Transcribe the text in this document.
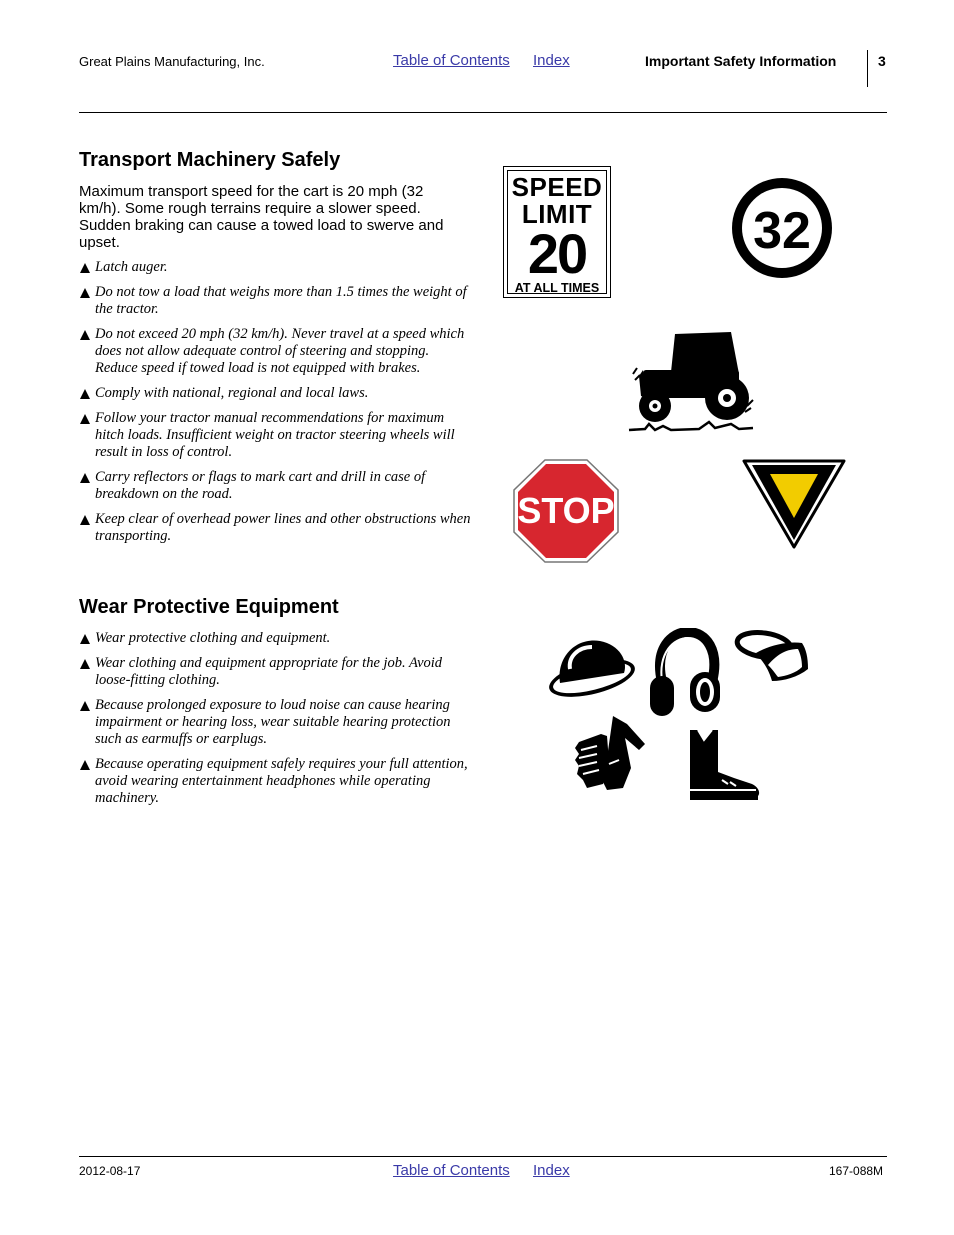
Great Plains Manufacturing, Inc.	Table of Contents Index	Important Safety Information	3
Transport Machinery Safely

Maximum transport speed for the cart is 20 mph (32 km/h). Some rough terrains require a slower speed. Sudden braking can cause a towed load to swerve and upset.

Latch auger.
Do not tow a load that weighs more than 1.5 times the weight of the tractor.
Do not exceed 20 mph (32 km/h). Never travel at a speed which does not allow adequate control of steering and stopping. Reduce speed if towed load is not equipped with brakes.
Comply with national, regional and local laws.
Follow your tractor manual recommendations for maximum hitch loads. Insufficient weight on tractor steering wheels will result in loss of control.
Carry reflectors or flags to mark cart and drill in case of breakdown on the road.
Keep clear of overhead power lines and other obstructions when transporting.
Wear Protective Equipment
Wear protective clothing and equipment.
Wear clothing and equipment appropriate for the job. Avoid loose-fitting clothing.
Because prolonged exposure to loud noise can cause hearing impairment or hearing loss, wear suitable hearing protection such as earmuffs or earplugs.
Because operating equipment safely requires your full attention, avoid wearing entertainment headphones while operating machinery.
SPEED
LIMIT
20
AT ALL TIMES
32
STOP
2012-08-17	Table of Contents Index	167-088M
